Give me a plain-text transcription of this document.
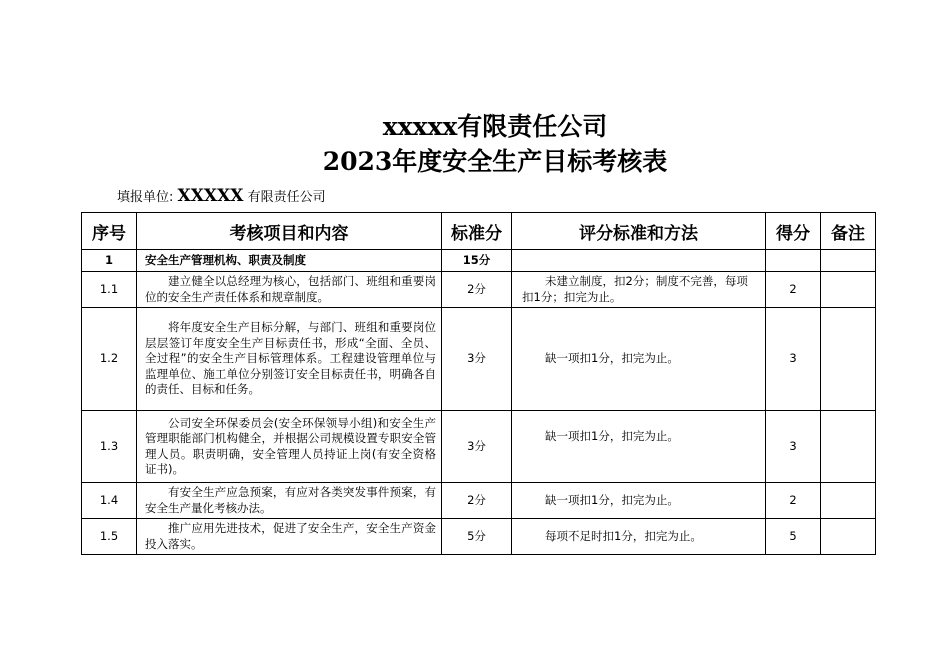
xxxxx有限责任公司
2023年度安全生产目标考核表
填报单位: XXXXX 有限责任公司
序号	考核项目和内容	标准分	评分标准和方法	得分	备注
1	安全生产管理机构、职责及制度	15分			
1.1	建立健全以总经理为核心，包括部门、班组和重要岗位的安全生产责任体系和规章制度。	2分	未建立制度，扣2分；制度不完善，每项扣1分；扣完为止。	2	
1.2	将年度安全生产目标分解，与部门、班组和重要岗位层层签订年度安全生产目标责任书，形成“全面、全员、全过程”的安全生产目标管理体系。工程建设管理单位与监理单位、施工单位分别签订安全目标责任书，明确各自的责任、目标和任务。	3分	缺一项扣1分，扣完为止。	3	
1.3	公司安全环保委员会(安全环保领导小组)和安全生产管理职能部门机构健全，并根据公司规模设置专职安全管理人员。职责明确，安全管理人员持证上岗(有安全资格证书)。	3分	缺一项扣1分，扣完为止。	3	
1.4	有安全生产应急预案，有应对各类突发事件预案，有安全生产量化考核办法。	2分	缺一项扣1分，扣完为止。	2	
1.5	推广应用先进技术，促进了安全生产，安全生产资金投入落实。	5分	每项不足时扣1分，扣完为止。	5	
